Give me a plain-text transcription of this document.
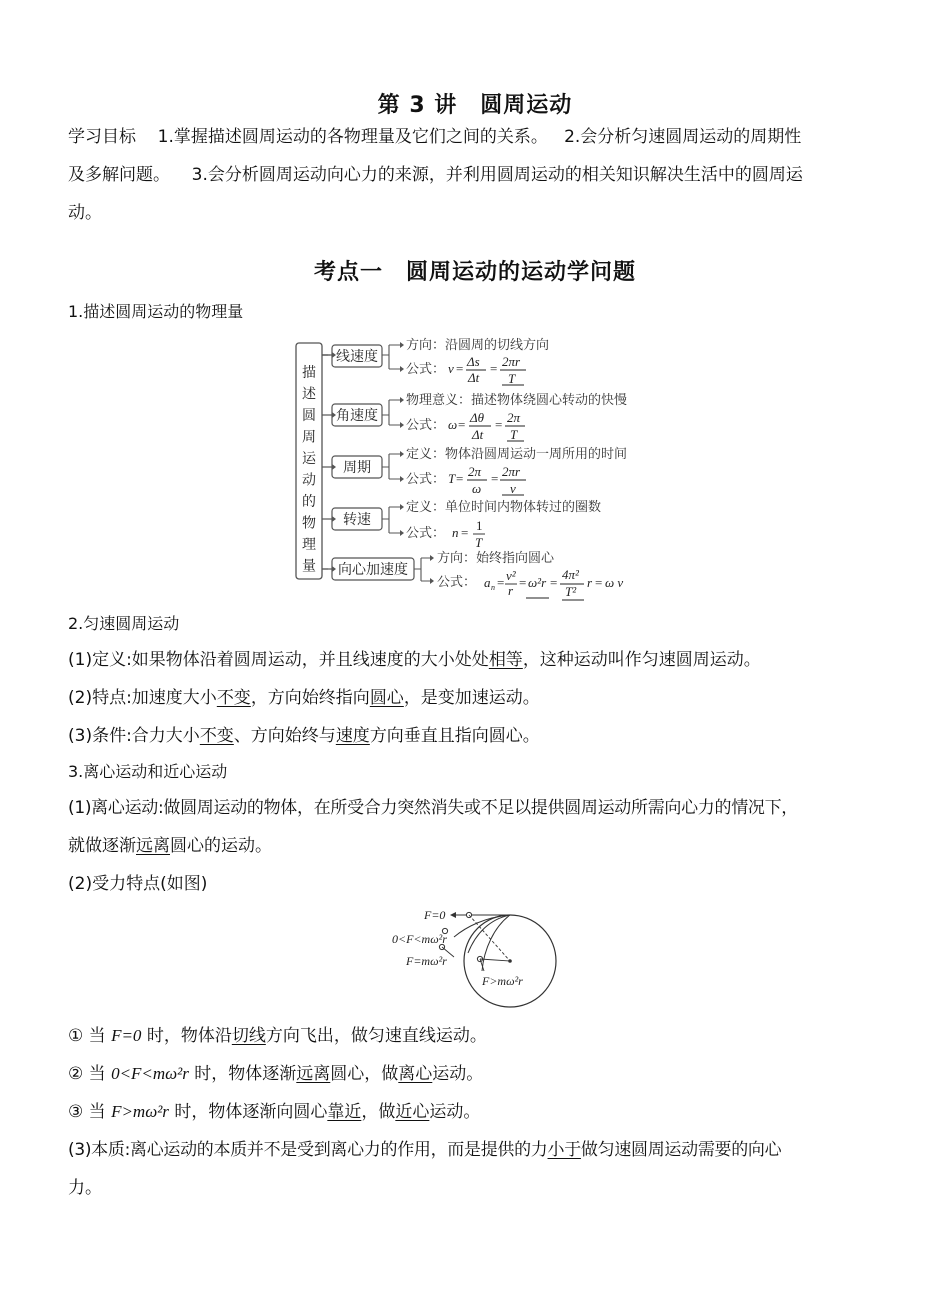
第 3 讲　圆周运动
学习目标 1.掌握描述圆周运动的各物理量及它们之间的关系。 2.会分析匀速圆周运动的周期性
及多解问题。 3.会分析圆周运动向心力的来源，并利用圆周运动的相关知识解决生活中的圆周运
动。
考点一　圆周运动的运动学问题
1.描述圆周运动的物理量
描
述
圆
周
运
动
的
物
理
量
线速度
角速度
周期
转速
向心加速度
方向：沿圆周的切线方向
公式： v = Δs
Δt
= 2πr
T
物理意义：描述物体绕圆心转动的快慢
公式： ω = Δθ
Δt
= 2π
T
定义：物体沿圆周运动一周所用的时间
公式： T = 2π
ω
= 2πr
v
定义：单位时间内物体转过的圈数
公式： n = 1
T
方向：始终指向圆心
公式： a n = v²
r
= ω²r =
4π²
T²
r = ω v
2.匀速圆周运动
(1)定义:如果物体沿着圆周运动，并且线速度的大小处处相等，这种运动叫作匀速圆周运动。
(2)特点:加速度大小不变，方向始终指向圆心，是变加速运动。
(3)条件:合力大小不变、方向始终与速度方向垂直且指向圆心。
3.离心运动和近心运动
(1)离心运动:做圆周运动的物体，在所受合力突然消失或不足以提供圆周运动所需向心力的情况下，
就做逐渐远离圆心的运动。
(2)受力特点(如图)
F=0
0<F<mω²r
F=mω²r
F>mω²r
① 当 F=0 时，物体沿切线方向飞出，做匀速直线运动。
② 当 0<F<mω²r 时，物体逐渐远离圆心，做离心运动。
③ 当 F>mω²r 时，物体逐渐向圆心靠近，做近心运动。
(3)本质:离心运动的本质并不是受到离心力的作用，而是提供的力小于做匀速圆周运动需要的向心
力。
